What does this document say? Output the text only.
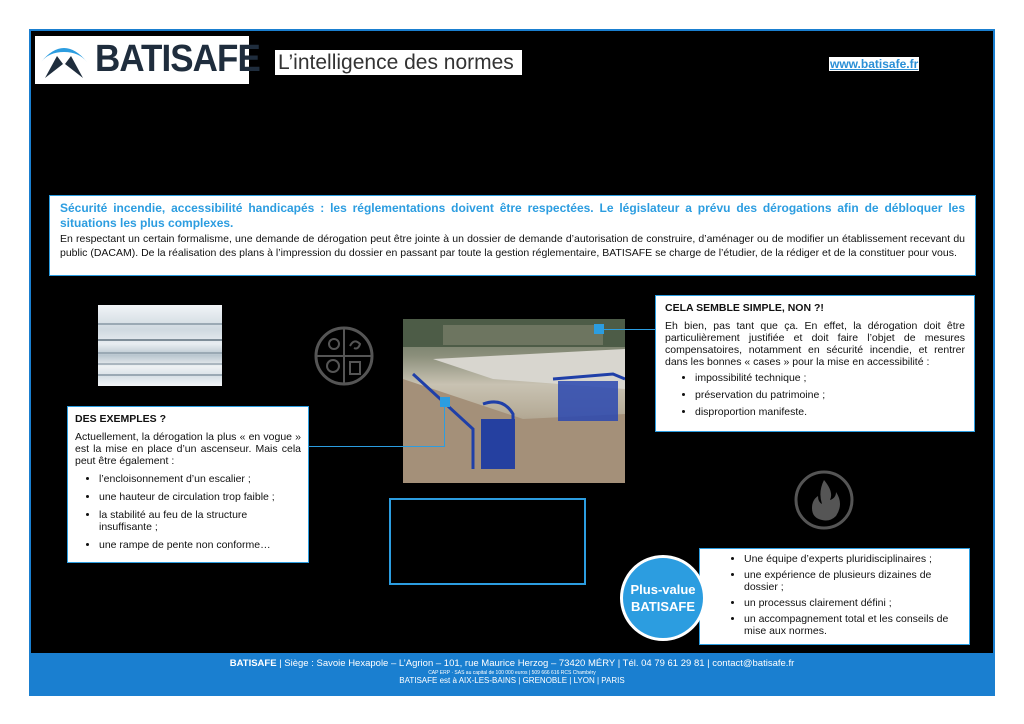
BATISAFE L’intelligence des normes	www.batisafe.fr
Sécurité incendie, accessibilité handicapés : les réglementations doivent être respectées. Le législateur a prévu des dérogations afin de débloquer les situations les plus complexes.
En respectant un certain formalisme, une demande de dérogation peut être jointe à un dossier de demande d’autorisation de construire, d’aménager ou de modifier un établissement recevant du public (DACAM). De la réalisation des plans à l’impression du dossier en passant par toute la gestion réglementaire, BATISAFE se charge de l’étudier, de la rédiger et de la constituer pour vous.
DES EXEMPLES ?

Actuellement, la dérogation la plus « en vogue » est la mise en place d’un ascenseur. Mais cela peut être également :

• l’encloisonnement d’un escalier ;
• une hauteur de circulation trop faible ;
• la stabilité au feu de la structure insuffisante ;
• une rampe de pente non conforme…
CELA SEMBLE SIMPLE, NON ?!

Eh bien, pas tant que ça. En effet, la dérogation doit être particulièrement justifiée et doit faire l’objet de mesures compensatoires, notamment en sécurité incendie, et rentrer dans les bonnes « cases » pour la mise en accessibilité :

• impossibilité technique ;
• préservation du patrimoine ;
• disproportion manifeste.
• Une équipe d’experts pluridisciplinaires ;
• une expérience de plusieurs dizaines de dossier ;
• un processus clairement défini ;
• un accompagnement total et les conseils de mise aux normes.
Plus-value
BATISAFE
BATISAFE | Siège : Savoie Hexapole – L’Agrion – 101, rue Maurice Herzog – 73420 MÉRY | Tél. 04 79 61 29 81 | contact@batisafe.fr
CAP ERP · SAS au capital de 100 000 euros | 509 666 616 RCS Chambéry
BATISAFE est à AIX-LES-BAINS | GRENOBLE | LYON | PARIS
